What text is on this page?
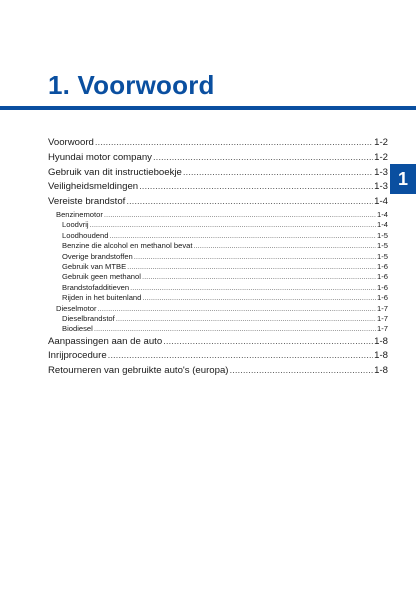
1. Voorwoord
1
Voorwoord .....	1-2
Hyundai motor company .....	1-2
Gebruik van dit instructieboekje .....	1-3
Veiligheidsmeldingen .....	1-3
Vereiste brandstof .....	1-4
Benzinemotor .....	1-4
Loodvrij .....	1-4
Loodhoudend .....	1-5
Benzine die alcohol en methanol bevat .....	1-5
Overige brandstoffen .....	1-5
Gebruik van MTBE .....	1-6
Gebruik geen methanol .....	1-6
Brandstofadditieven .....	1-6
Rijden in het buitenland .....	1-6
Dieselmotor .....	1-7
Dieselbrandstof .....	1-7
Biodiesel .....	1-7
Aanpassingen aan de auto .....	1-8
Inrijprocedure .....	1-8
Retourneren van gebruikte auto's (europa) .....	1-8
